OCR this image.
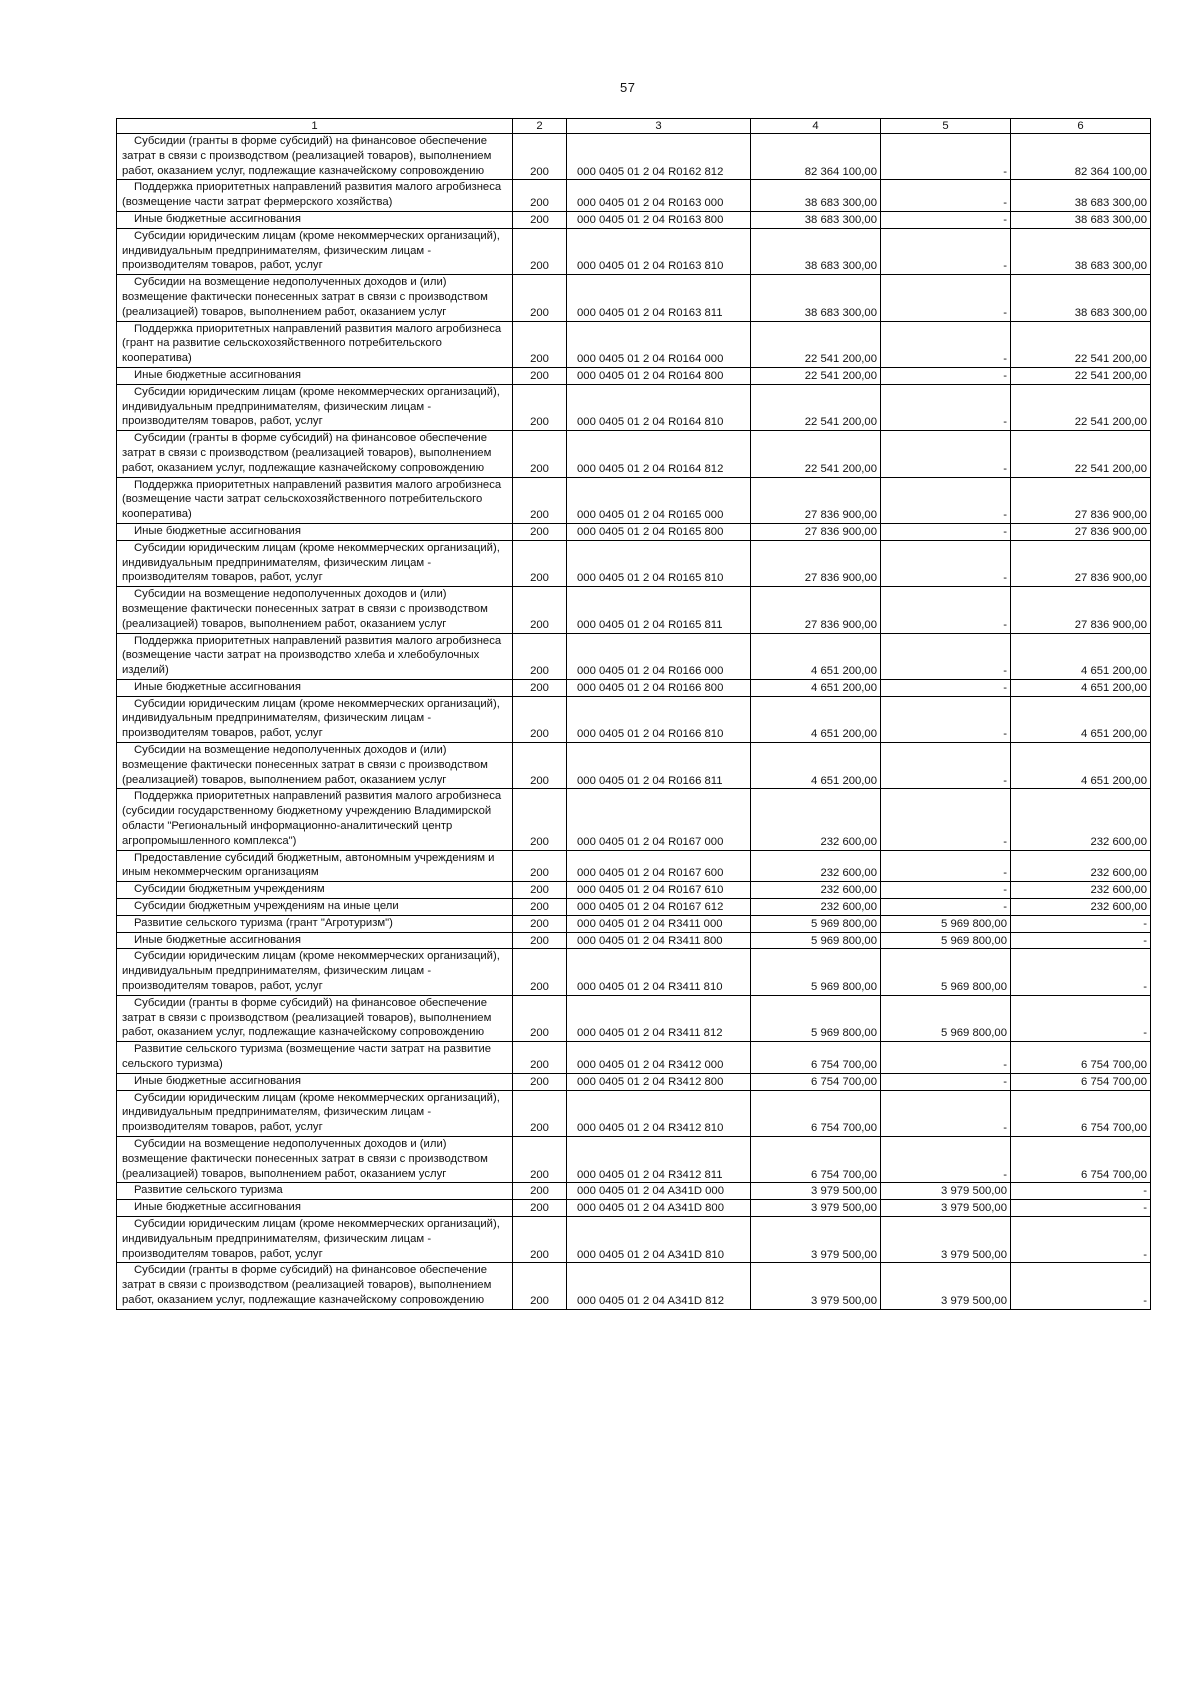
57
1	2	3	4	5	6
Субсидии (гранты в форме субсидий) на финансовое обеспечение затрат в связи с производством (реализацией товаров), выполнением работ, оказанием услуг, подлежащие казначейскому сопровождению	200	000 0405 01 2 04 R0162 812	82 364 100,00	-	82 364 100,00
Поддержка приоритетных направлений развития малого агробизнеса (возмещение части затрат фермерского хозяйства)	200	000 0405 01 2 04 R0163 000	38 683 300,00	-	38 683 300,00
Иные бюджетные ассигнования	200	000 0405 01 2 04 R0163 800	38 683 300,00	-	38 683 300,00
Субсидии юридическим лицам (кроме некоммерческих организаций), индивидуальным предпринимателям, физическим лицам - производителям товаров, работ, услуг	200	000 0405 01 2 04 R0163 810	38 683 300,00	-	38 683 300,00
Субсидии на возмещение недополученных доходов и (или) возмещение фактически понесенных затрат в связи с производством (реализацией) товаров, выполнением работ, оказанием услуг	200	000 0405 01 2 04 R0163 811	38 683 300,00	-	38 683 300,00
Поддержка приоритетных направлений развития малого агробизнеса (грант на развитие сельскохозяйственного потребительского кооператива)	200	000 0405 01 2 04 R0164 000	22 541 200,00	-	22 541 200,00
Иные бюджетные ассигнования	200	000 0405 01 2 04 R0164 800	22 541 200,00	-	22 541 200,00
Субсидии юридическим лицам (кроме некоммерческих организаций), индивидуальным предпринимателям, физическим лицам - производителям товаров, работ, услуг	200	000 0405 01 2 04 R0164 810	22 541 200,00	-	22 541 200,00
Субсидии (гранты в форме субсидий) на финансовое обеспечение затрат в связи с производством (реализацией товаров), выполнением работ, оказанием услуг, подлежащие казначейскому сопровождению	200	000 0405 01 2 04 R0164 812	22 541 200,00	-	22 541 200,00
Поддержка приоритетных направлений развития малого агробизнеса (возмещение части затрат сельскохозяйственного потребительского кооператива)	200	000 0405 01 2 04 R0165 000	27 836 900,00	-	27 836 900,00
Иные бюджетные ассигнования	200	000 0405 01 2 04 R0165 800	27 836 900,00	-	27 836 900,00
Субсидии юридическим лицам (кроме некоммерческих организаций), индивидуальным предпринимателям, физическим лицам - производителям товаров, работ, услуг	200	000 0405 01 2 04 R0165 810	27 836 900,00	-	27 836 900,00
Субсидии на возмещение недополученных доходов и (или) возмещение фактически понесенных затрат в связи с производством (реализацией) товаров, выполнением работ, оказанием услуг	200	000 0405 01 2 04 R0165 811	27 836 900,00	-	27 836 900,00
Поддержка приоритетных направлений развития малого агробизнеса (возмещение части затрат на производство хлеба и хлебобулочных изделий)	200	000 0405 01 2 04 R0166 000	4 651 200,00	-	4 651 200,00
Иные бюджетные ассигнования	200	000 0405 01 2 04 R0166 800	4 651 200,00	-	4 651 200,00
Субсидии юридическим лицам (кроме некоммерческих организаций), индивидуальным предпринимателям, физическим лицам - производителям товаров, работ, услуг	200	000 0405 01 2 04 R0166 810	4 651 200,00	-	4 651 200,00
Субсидии на возмещение недополученных доходов и (или) возмещение фактически понесенных затрат в связи с производством (реализацией) товаров, выполнением работ, оказанием услуг	200	000 0405 01 2 04 R0166 811	4 651 200,00	-	4 651 200,00
Поддержка приоритетных направлений развития малого агробизнеса (субсидии государственному бюджетному учреждению Владимирской области "Региональный информационно-аналитический центр агропромышленного комплекса")	200	000 0405 01 2 04 R0167 000	232 600,00	-	232 600,00
Предоставление субсидий бюджетным, автономным учреждениям и иным некоммерческим организациям	200	000 0405 01 2 04 R0167 600	232 600,00	-	232 600,00
Субсидии бюджетным учреждениям	200	000 0405 01 2 04 R0167 610	232 600,00	-	232 600,00
Субсидии бюджетным учреждениям на иные цели	200	000 0405 01 2 04 R0167 612	232 600,00	-	232 600,00
Развитие сельского туризма (грант "Агротуризм")	200	000 0405 01 2 04 R3411 000	5 969 800,00	5 969 800,00	-
Иные бюджетные ассигнования	200	000 0405 01 2 04 R3411 800	5 969 800,00	5 969 800,00	-
Субсидии юридическим лицам (кроме некоммерческих организаций), индивидуальным предпринимателям, физическим лицам - производителям товаров, работ, услуг	200	000 0405 01 2 04 R3411 810	5 969 800,00	5 969 800,00	-
Субсидии (гранты в форме субсидий) на финансовое обеспечение затрат в связи с производством (реализацией товаров), выполнением работ, оказанием услуг, подлежащие казначейскому сопровождению	200	000 0405 01 2 04 R3411 812	5 969 800,00	5 969 800,00	-
Развитие сельского туризма (возмещение части затрат на развитие сельского туризма)	200	000 0405 01 2 04 R3412 000	6 754 700,00	-	6 754 700,00
Иные бюджетные ассигнования	200	000 0405 01 2 04 R3412 800	6 754 700,00	-	6 754 700,00
Субсидии юридическим лицам (кроме некоммерческих организаций), индивидуальным предпринимателям, физическим лицам - производителям товаров, работ, услуг	200	000 0405 01 2 04 R3412 810	6 754 700,00	-	6 754 700,00
Субсидии на возмещение недополученных доходов и (или) возмещение фактически понесенных затрат в связи с производством (реализацией) товаров, выполнением работ, оказанием услуг	200	000 0405 01 2 04 R3412 811	6 754 700,00	-	6 754 700,00
Развитие сельского туризма	200	000 0405 01 2 04 A341D 000	3 979 500,00	3 979 500,00	-
Иные бюджетные ассигнования	200	000 0405 01 2 04 A341D 800	3 979 500,00	3 979 500,00	-
Субсидии юридическим лицам (кроме некоммерческих организаций), индивидуальным предпринимателям, физическим лицам - производителям товаров, работ, услуг	200	000 0405 01 2 04 A341D 810	3 979 500,00	3 979 500,00	-
Субсидии (гранты в форме субсидий) на финансовое обеспечение затрат в связи с производством (реализацией товаров), выполнением работ, оказанием услуг, подлежащие казначейскому сопровождению	200	000 0405 01 2 04 A341D 812	3 979 500,00	3 979 500,00	-
